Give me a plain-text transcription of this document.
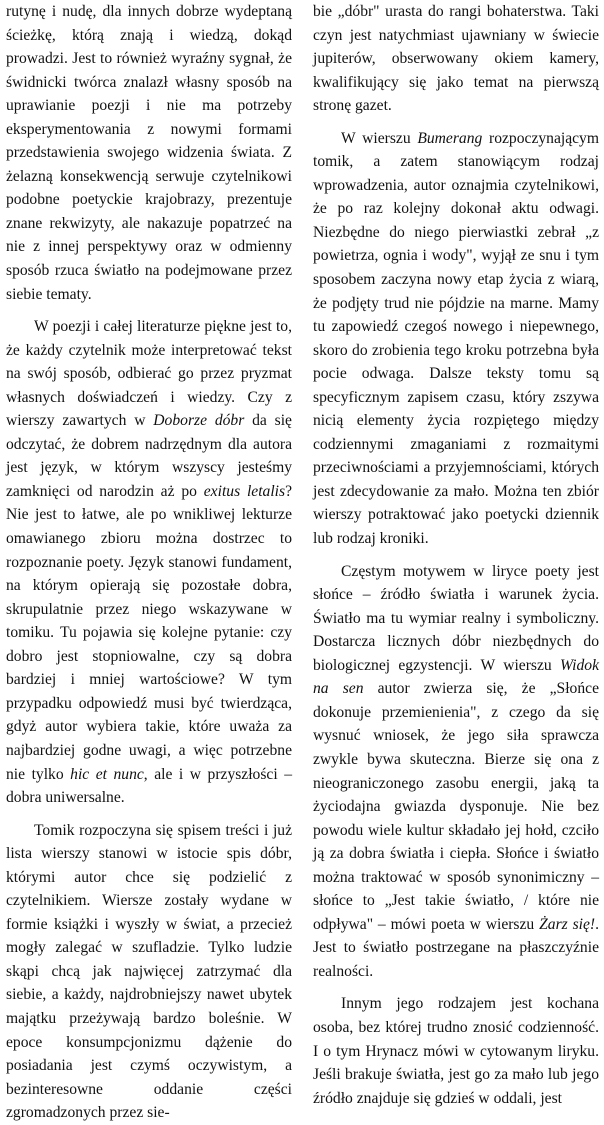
rutynę i nudę, dla innych dobrze wydeptaną ścieżkę, którą znają i wiedzą, dokąd prowadzi. Jest to również wyraźny sygnał, że świdnicki twórca znalazł własny sposób na uprawianie poezji i nie ma potrzeby eksperymentowania z nowymi formami przedstawienia swojego widzenia świata. Z żelazną konsekwencją serwuje czytelnikowi podobne poetyckie krajobrazy, prezentuje znane rekwizyty, ale nakazuje popatrzeć na nie z innej perspektywy oraz w odmienny sposób rzuca światło na podejmowane przez siebie tematy.

W poezji i całej literaturze piękne jest to, że każdy czytelnik może interpretować tekst na swój sposób, odbierać go przez pryzmat własnych doświadczeń i wiedzy. Czy z wierszy zawartych w Doborze dóbr da się odczytać, że dobrem nadrzędnym dla autora jest język, w którym wszyscy jesteśmy zamknięci od narodzin aż po exitus letalis? Nie jest to łatwe, ale po wnikliwej lekturze omawianego zbioru można dostrzec to rozpoznanie poety. Język stanowi fundament, na którym opierają się pozostałe dobra, skrupulatnie przez niego wskazywane w tomiku. Tu pojawia się kolejne pytanie: czy dobro jest stopniowalne, czy są dobra bardziej i mniej wartościowe? W tym przypadku odpowiedź musi być twierdząca, gdyż autor wybiera takie, które uważa za najbardziej godne uwagi, a więc potrzebne nie tylko hic et nunc, ale i w przyszłości – dobra uniwersalne.

Tomik rozpoczyna się spisem treści i już lista wierszy stanowi w istocie spis dóbr, którymi autor chce się podzielić z czytelnikiem. Wiersze zostały wydane w formie książki i wyszły w świat, a przecież mogły zalegać w szufladzie. Tylko ludzie skąpi chcą jak najwięcej zatrzymać dla siebie, a każdy, najdrobniejszy nawet ubytek majątku przeżywają bardzo boleśnie. W epoce konsumpcjonizmu dążenie do posiadania jest czymś oczywistym, a bezinteresowne oddanie części zgromadzonych przez sie-

bie „dóbr" urasta do rangi bohaterstwa. Taki czyn jest natychmiast ujawniany w świecie jupiterów, obserwowany okiem kamery, kwalifikujący się jako temat na pierwszą stronę gazet.

W wierszu Bumerang rozpoczynającym tomik, a zatem stanowiącym rodzaj wprowadzenia, autor oznajmia czytelnikowi, że po raz kolejny dokonał aktu odwagi. Niezbędne do niego pierwiastki zebrał „z powietrza, ognia i wody", wyjął ze snu i tym sposobem zaczyna nowy etap życia z wiarą, że podjęty trud nie pójdzie na marne. Mamy tu zapowiedź czegoś nowego i niepewnego, skoro do zrobienia tego kroku potrzebna była pocie odwaga. Dalsze teksty tomu są specyficznym zapisem czasu, który zszywa nicią elementy życia rozpiętego między codziennymi zmaganiami z rozmaitymi przeciwnościami a przyjemnościami, których jest zdecydowanie za mało. Można ten zbiór wierszy potraktować jako poetycki dziennik lub rodzaj kroniki.

Częstym motywem w liryce poety jest słońce – źródło światła i warunek życia. Światło ma tu wymiar realny i symboliczny. Dostarcza licznych dóbr niezbędnych do biologicznej egzystencji. W wierszu Widok na sen autor zwierza się, że „Słońce dokonuje przemienienia", z czego da się wysnuć wniosek, że jego siła sprawcza zwykle bywa skuteczna. Bierze się ona z nieograniczonego zasobu energii, jaką ta życiodajna gwiazda dysponuje. Nie bez powodu wiele kultur składało jej hołd, czciło ją za dobra światła i ciepła. Słońce i światło można traktować w sposób synonimiczny – słońce to „Jest takie światło, / które nie odpływa" – mówi poeta w wierszu Żarz się!. Jest to światło postrzegane na płaszczyźnie realności.

Innym jego rodzajem jest kochana osoba, bez której trudno znosić codzienność. I o tym Hrynacz mówi w cytowanym liryku. Jeśli brakuje światła, jest go za mało lub jego źródło znajduje się gdzieś w oddali, jest
